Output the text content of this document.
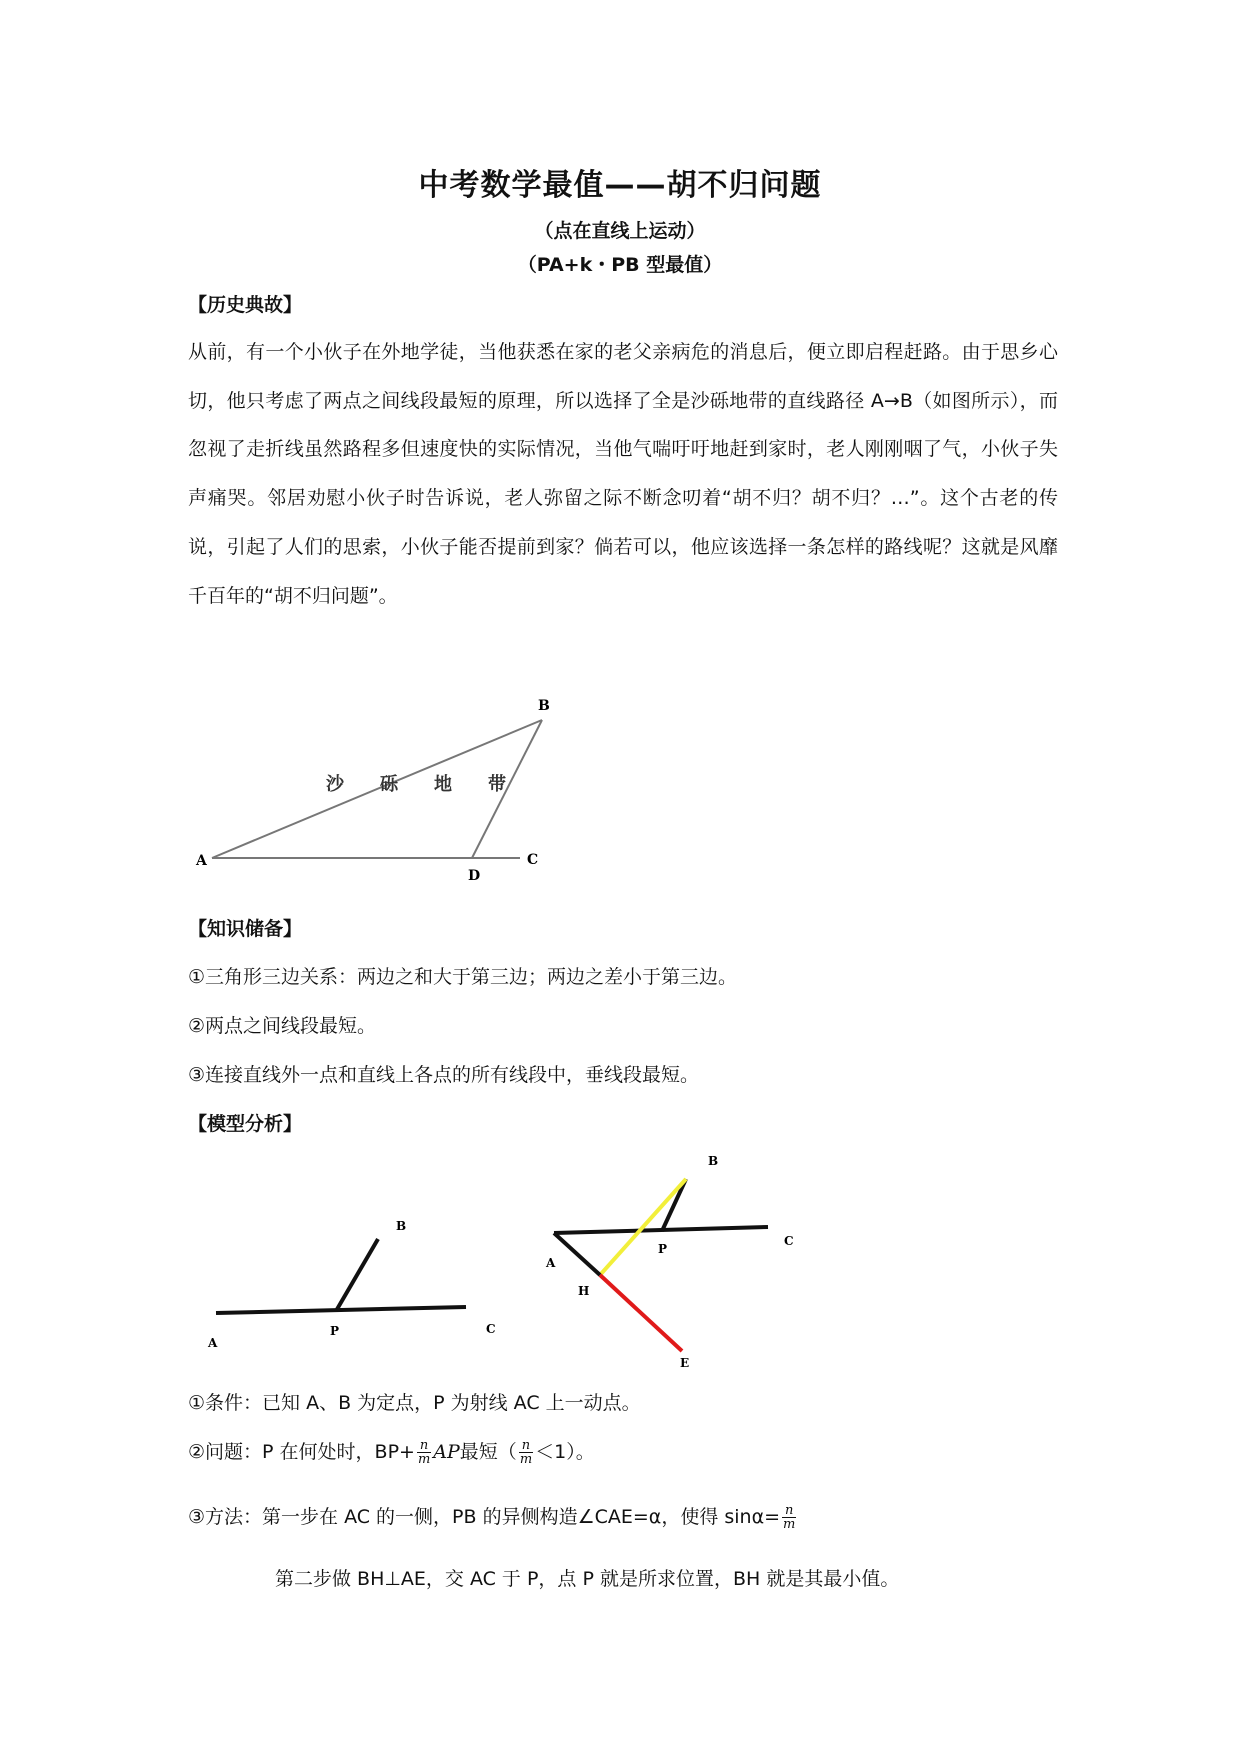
中考数学最值——胡不归问题
（点在直线上运动）
（PA+k・PB 型最值）
【历史典故】
从前，有一个小伙子在外地学徒，当他获悉在家的老父亲病危的消息后，便立即启程赶路。由于思乡心切，他只考虑了两点之间线段最短的原理，所以选择了全是沙砾地带的直线路径 A→B（如图所示），而忽视了走折线虽然路程多但速度快的实际情况，当他气喘吁吁地赶到家时，老人刚刚咽了气，小伙子失声痛哭。邻居劝慰小伙子时告诉说，老人弥留之际不断念叨着“胡不归？胡不归？…”。这个古老的传说，引起了人们的思索，小伙子能否提前到家？倘若可以，他应该选择一条怎样的路线呢？这就是风靡千百年的“胡不归问题”。
B
A	C
D
沙 砾 地 带
【知识储备】
①三角形三边关系：两边之和大于第三边；两边之差小于第三边。
②两点之间线段最短。
③连接直线外一点和直线上各点的所有线段中，垂线段最短。
【模型分析】
B
A
P	C
B
A
P
C
H
E
①条件：已知 A、B 为定点，P 为射线 AC 上一动点。
②问题：P 在何处时，$BP+ \frac{n}{m}$ AP最短（ $\frac{n}{m} <1$）。
③方法：第一步在 AC 的一侧，PB 的异侧构造∠CAE=α，使得 $\sin\alpha= \frac{n}{m}$
第二步做 BH⊥AE，交 AC 于 P，点 P 就是所求位置，BH 就是其最小值。
